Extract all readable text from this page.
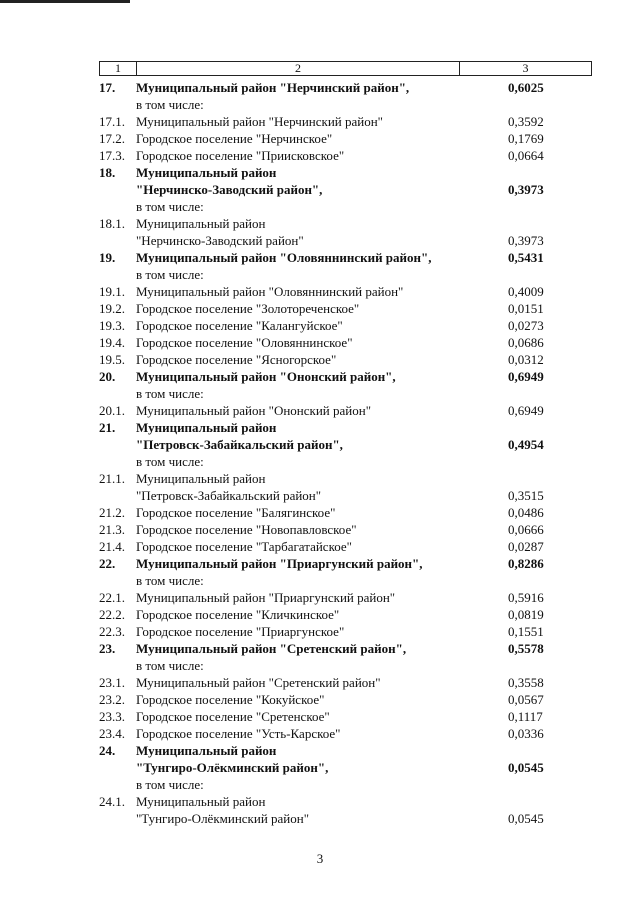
1	2	3
17.	Муниципальный район "Нерчинский район",	0,6025
в том числе:
17.1. Муниципальный район "Нерчинский район"	0,3592
17.2. Городское поселение "Нерчинское"	0,1769
17.3. Городское поселение "Приисковское"	0,0664
18.	Муниципальный район
"Нерчинско-Заводский район",	0,3973
в том числе:
18.1. Муниципальный район
"Нерчинско-Заводский район"	0,3973
19.	Муниципальный район "Оловяннинский район",	0,5431
в том числе:
19.1. Муниципальный район "Оловяннинский район"	0,4009
19.2. Городское поселение "Золотореченское"	0,0151
19.3. Городское поселение "Калангуйское"	0,0273
19.4. Городское поселение "Оловяннинское"	0,0686
19.5. Городское поселение "Ясногорское"	0,0312
20.	Муниципальный район "Ононский район",	0,6949
в том числе:
20.1. Муниципальный район "Ононский район"	0,6949
21.	Муниципальный район
"Петровск-Забайкальский район",	0,4954
в том числе:
21.1. Муниципальный район
"Петровск-Забайкальский район"	0,3515
21.2. Городское поселение "Балягинское"	0,0486
21.3. Городское поселение "Новопавловское"	0,0666
21.4. Городское поселение "Тарбагатайское"	0,0287
22.	Муниципальный район "Приаргунский район",	0,8286
в том числе:
22.1. Муниципальный район "Приаргунский район"	0,5916
22.2. Городское поселение "Кличкинское"	0,0819
22.3. Городское поселение "Приаргунское"	0,1551
23.	Муниципальный район "Сретенский район",	0,5578
в том числе:
23.1. Муниципальный район "Сретенский район"	0,3558
23.2. Городское поселение "Кокуйское"	0,0567
23.3. Городское поселение "Сретенское"	0,1117
23.4. Городское поселение "Усть-Карское"	0,0336
24.	Муниципальный район
"Тунгиро-Олёкминский район",	0,0545
в том числе:
24.1. Муниципальный район
"Тунгиро-Олёкминский район"	0,0545
3
